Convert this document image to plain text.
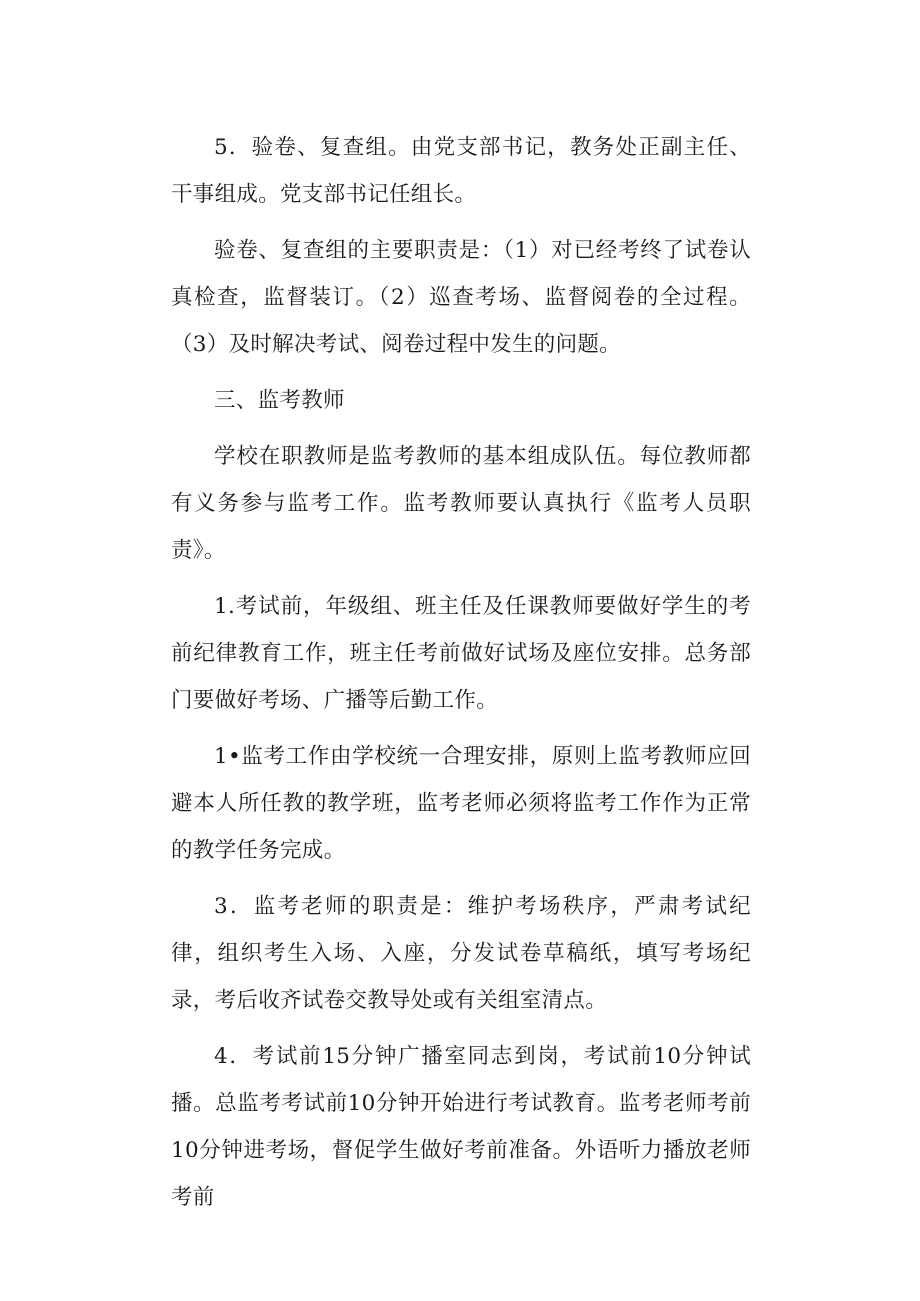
5．验卷、复查组。由党支部书记，教务处正副主任、干事组成。党支部书记任组长。

验卷、复查组的主要职责是：（1）对已经考终了试卷认真检查，监督装订。（2）巡查考场、监督阅卷的全过程。（3）及时解决考试、阅卷过程中发生的问题。

三、监考教师

学校在职教师是监考教师的基本组成队伍。每位教师都有义务参与监考工作。监考教师要认真执行《监考人员职责》。

1.考试前，年级组、班主任及任课教师要做好学生的考前纪律教育工作，班主任考前做好试场及座位安排。总务部门要做好考场、广播等后勤工作。

1•监考工作由学校统一合理安排，原则上监考教师应回避本人所任教的教学班，监考老师必须将监考工作作为正常的教学任务完成。

3．监考老师的职责是：维护考场秩序，严肃考试纪律，组织考生入场、入座，分发试卷草稿纸，填写考场纪录，考后收齐试卷交教导处或有关组室清点。

4．考试前15分钟广播室同志到岗，考试前10分钟试播。总监考考试前10分钟开始进行考试教育。监考老师考前10分钟进考场，督促学生做好考前准备。外语听力播放老师考前
